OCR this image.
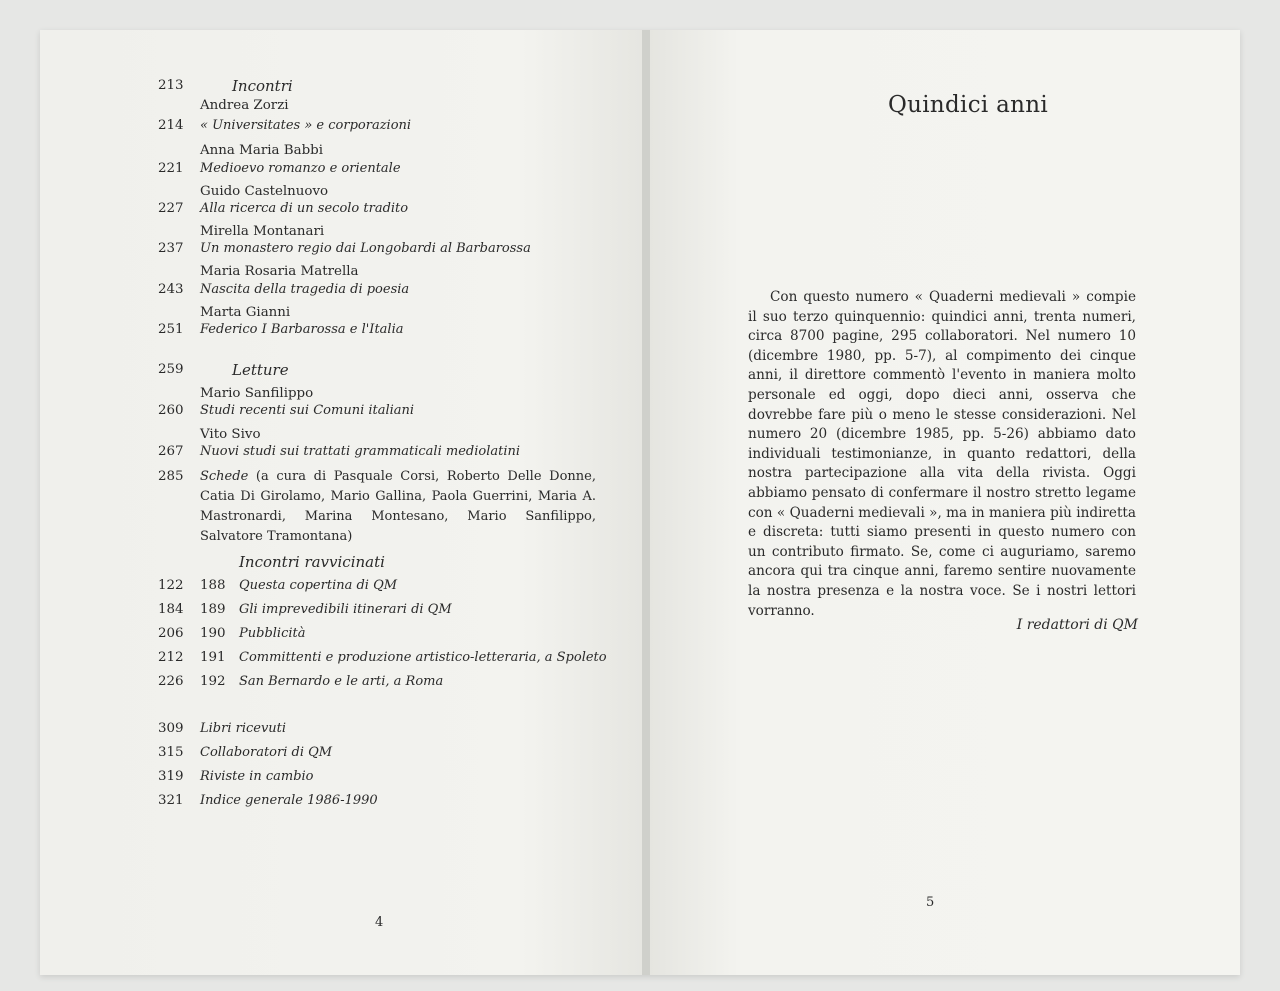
213	Incontri
Andrea Zorzi
214	« Universitates » e corporazioni
Anna Maria Babbi
221	Medioevo romanzo e orientale
Guido Castelnuovo
227	Alla ricerca di un secolo tradito
Mirella Montanari
237	Un monastero regio dai Longobardi al Barbarossa
Maria Rosaria Matrella
243	Nascita della tragedia di poesia
Marta Gianni
251	Federico I Barbarossa e l'Italia
259	Letture
Mario Sanfilippo
260	Studi recenti sui Comuni italiani
Vito Sivo
267	Nuovi studi sui trattati grammaticali mediolatini
285	Schede (a cura di Pasquale Corsi, Roberto Delle Donne, Catia Di Girolamo, Mario Gallina, Paola Guerrini, Maria A. Mastronardi, Marina Montesano, Mario Sanfilippo, Salvatore Tramontana)
Incontri ravvicinati
122 188 Questa copertina di QM
184 189 Gli imprevedibili itinerari di QM
206 190 Pubblicità
212 191 Committenti e produzione artistico-letteraria, a Spoleto
226 192 San Bernardo e le arti, a Roma
309	Libri ricevuti
315	Collaboratori di QM
319	Riviste in cambio
321	Indice generale 1986-1990
4
Quindici anni
Con questo numero « Quaderni medievali » compie il suo terzo quinquennio: quindici anni, trenta numeri, circa 8700 pagine, 295 collaboratori. Nel numero 10 (dicembre 1980, pp. 5-7), al compimento dei cinque anni, il direttore commentò l'evento in maniera molto personale ed oggi, dopo dieci anni, osserva che dovrebbe fare più o meno le stesse considerazioni. Nel numero 20 (dicembre 1985, pp. 5-26) abbiamo dato individuali testimonianze, in quanto redattori, della nostra partecipazione alla vita della rivista. Oggi abbiamo pensato di confermare il nostro stretto legame con « Quaderni medievali », ma in maniera più indiretta e discreta: tutti siamo presenti in questo numero con un contributo firmato. Se, come ci auguriamo, saremo ancora qui tra cinque anni, faremo sentire nuovamente la nostra presenza e la nostra voce. Se i nostri lettori vorranno.
I redattori di QM
5
